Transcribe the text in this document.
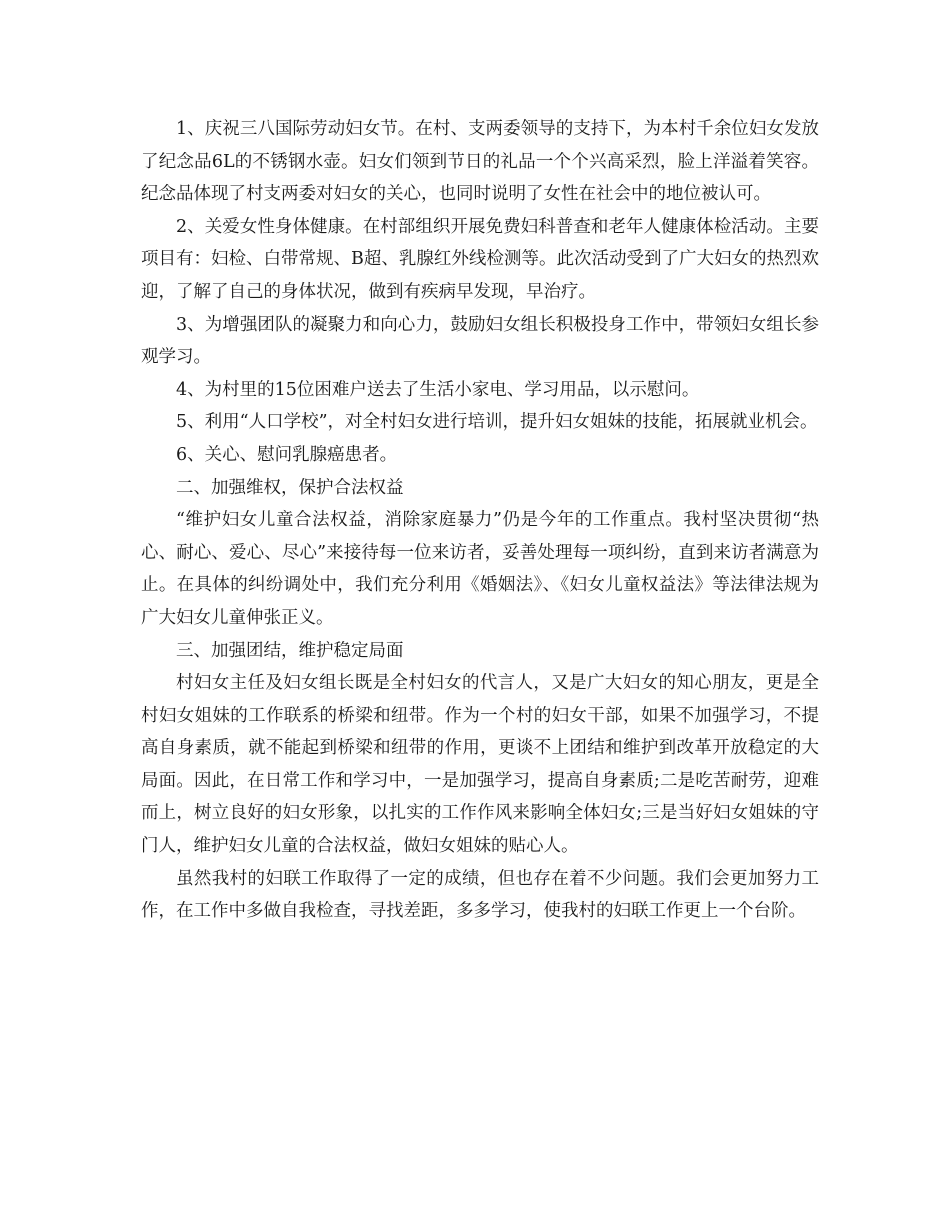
1、庆祝三八国际劳动妇女节。在村、支两委领导的支持下，为本村千余位妇女发放了纪念品6L的不锈钢水壶。妇女们领到节日的礼品一个个兴高采烈，脸上洋溢着笑容。纪念品体现了村支两委对妇女的关心，也同时说明了女性在社会中的地位被认可。

2、关爱女性身体健康。在村部组织开展免费妇科普查和老年人健康体检活动。主要项目有：妇检、白带常规、B超、乳腺红外线检测等。此次活动受到了广大妇女的热烈欢迎，了解了自己的身体状况，做到有疾病早发现，早治疗。

3、为增强团队的凝聚力和向心力，鼓励妇女组长积极投身工作中，带领妇女组长参观学习。

4、为村里的15位困难户送去了生活小家电、学习用品，以示慰问。

5、利用“人口学校”，对全村妇女进行培训，提升妇女姐妹的技能，拓展就业机会。

6、关心、慰问乳腺癌患者。

二、加强维权，保护合法权益

“维护妇女儿童合法权益，消除家庭暴力”仍是今年的工作重点。我村坚决贯彻“热心、耐心、爱心、尽心”来接待每一位来访者，妥善处理每一项纠纷，直到来访者满意为止。在具体的纠纷调处中，我们充分利用《婚姻法》、《妇女儿童权益法》等法律法规为广大妇女儿童伸张正义。

三、加强团结，维护稳定局面

村妇女主任及妇女组长既是全村妇女的代言人，又是广大妇女的知心朋友，更是全村妇女姐妹的工作联系的桥梁和纽带。作为一个村的妇女干部，如果不加强学习，不提高自身素质，就不能起到桥梁和纽带的作用，更谈不上团结和维护到改革开放稳定的大局面。因此，在日常工作和学习中，一是加强学习，提高自身素质;二是吃苦耐劳，迎难而上，树立良好的妇女形象，以扎实的工作作风来影响全体妇女;三是当好妇女姐妹的守门人，维护妇女儿童的合法权益，做妇女姐妹的贴心人。

虽然我村的妇联工作取得了一定的成绩，但也存在着不少问题。我们会更加努力工作，在工作中多做自我检查，寻找差距，多多学习，使我村的妇联工作更上一个台阶。
